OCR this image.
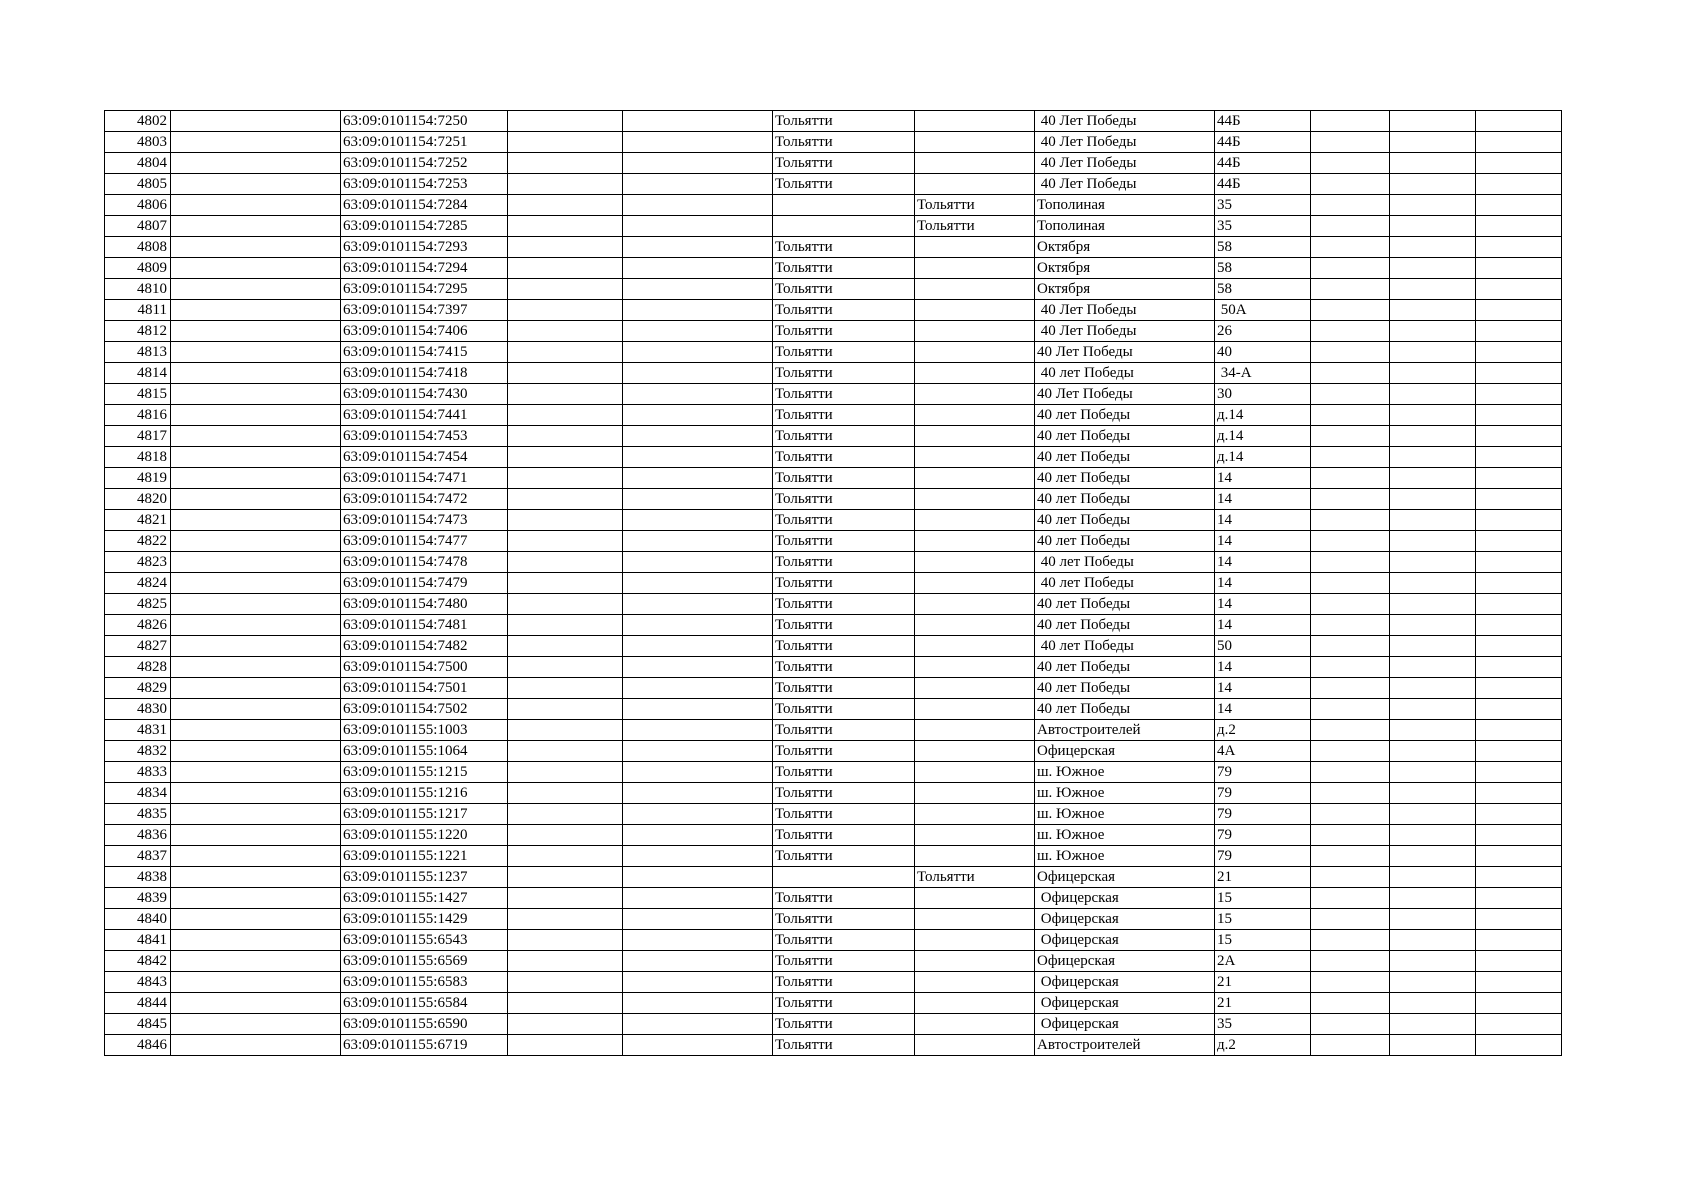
4802		63:09:0101154:7250			Тольятти		40 Лет Победы	44Б			
4803		63:09:0101154:7251			Тольятти		40 Лет Победы	44Б			
4804		63:09:0101154:7252			Тольятти		40 Лет Победы	44Б			
4805		63:09:0101154:7253			Тольятти		40 Лет Победы	44Б			
4806		63:09:0101154:7284				Тольятти	Тополиная	35			
4807		63:09:0101154:7285				Тольятти	Тополиная	35			
4808		63:09:0101154:7293			Тольятти		Октября	58			
4809		63:09:0101154:7294			Тольятти		Октября	58			
4810		63:09:0101154:7295			Тольятти		Октября	58			
4811		63:09:0101154:7397			Тольятти		40 Лет Победы	50А			
4812		63:09:0101154:7406			Тольятти		40 Лет Победы	26			
4813		63:09:0101154:7415			Тольятти		40 Лет Победы	40			
4814		63:09:0101154:7418			Тольятти		40 лет Победы	34-А			
4815		63:09:0101154:7430			Тольятти		40 Лет Победы	30			
4816		63:09:0101154:7441			Тольятти		40 лет Победы	д.14			
4817		63:09:0101154:7453			Тольятти		40 лет Победы	д.14			
4818		63:09:0101154:7454			Тольятти		40 лет Победы	д.14			
4819		63:09:0101154:7471			Тольятти		40 лет Победы	14			
4820		63:09:0101154:7472			Тольятти		40 лет Победы	14			
4821		63:09:0101154:7473			Тольятти		40 лет Победы	14			
4822		63:09:0101154:7477			Тольятти		40 лет Победы	14			
4823		63:09:0101154:7478			Тольятти		40 лет Победы	14			
4824		63:09:0101154:7479			Тольятти		40 лет Победы	14			
4825		63:09:0101154:7480			Тольятти		40 лет Победы	14			
4826		63:09:0101154:7481			Тольятти		40 лет Победы	14			
4827		63:09:0101154:7482			Тольятти		40 лет Победы	50			
4828		63:09:0101154:7500			Тольятти		40 лет Победы	14			
4829		63:09:0101154:7501			Тольятти		40 лет Победы	14			
4830		63:09:0101154:7502			Тольятти		40 лет Победы	14			
4831		63:09:0101155:1003			Тольятти		Автостроителей	д.2			
4832		63:09:0101155:1064			Тольятти		Офицерская	4А			
4833		63:09:0101155:1215			Тольятти		ш. Южное	79			
4834		63:09:0101155:1216			Тольятти		ш. Южное	79			
4835		63:09:0101155:1217			Тольятти		ш. Южное	79			
4836		63:09:0101155:1220			Тольятти		ш. Южное	79			
4837		63:09:0101155:1221			Тольятти		ш. Южное	79			
4838		63:09:0101155:1237				Тольятти	Офицерская	21			
4839		63:09:0101155:1427			Тольятти		Офицерская	15			
4840		63:09:0101155:1429			Тольятти		Офицерская	15			
4841		63:09:0101155:6543			Тольятти		Офицерская	15			
4842		63:09:0101155:6569			Тольятти		Офицерская	2А			
4843		63:09:0101155:6583			Тольятти		Офицерская	21			
4844		63:09:0101155:6584			Тольятти		Офицерская	21			
4845		63:09:0101155:6590			Тольятти		Офицерская	35			
4846		63:09:0101155:6719			Тольятти		Автостроителей	д.2			
